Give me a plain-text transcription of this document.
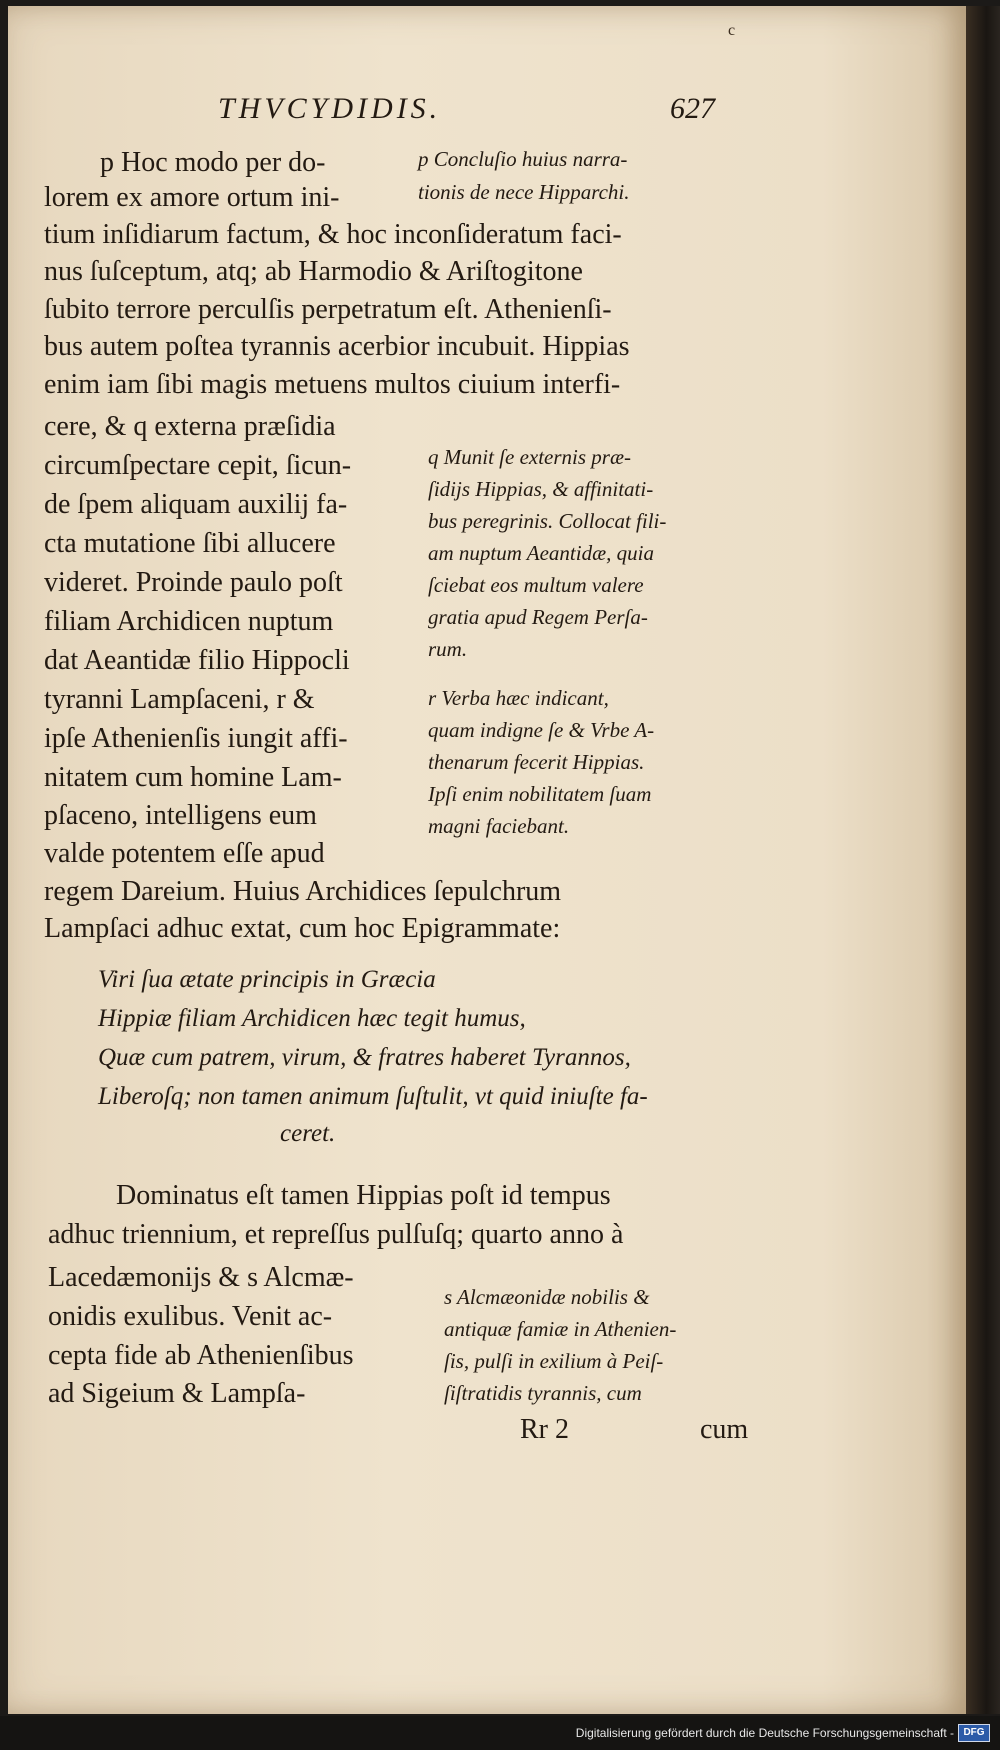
c
THVCYDIDIS.	627
p Hoc modo per do-
lorem ex amore ortum ini-
tium inſidiarum factum, & hoc inconſideratum faci-
nus ſuſceptum, atq; ab Harmodio & Ariſtogitone
ſubito terrore perculſis perpetratum eſt. Athenienſi-
bus autem poſtea tyrannis acerbior incubuit. Hippias
enim iam ſibi magis metuens multos ciuium interfi-
cere, & q externa præſidia
circumſpectare cepit, ſicun-
de ſpem aliquam auxilij fa-
cta mutatione ſibi allucere
videret. Proinde paulo poſt
filiam Archidicen nuptum
dat Aeantidæ filio Hippocli
tyranni Lampſaceni, r &
ipſe Athenienſis iungit affi-
nitatem cum homine Lam-
pſaceno, intelligens eum
valde potentem eſſe apud
regem Dareium. Huius Archidices ſepulchrum
Lampſaci adhuc extat, cum hoc Epigrammate:
Viri ſua ætate principis in Græcia
Hippiæ filiam Archidicen hæc tegit humus,
Quæ cum patrem, virum, & fratres haberet Tyrannos,
Liberoſq; non tamen animum ſuſtulit, vt quid iniuſte fa-
ceret.
Dominatus eſt tamen Hippias poſt id tempus
adhuc triennium, et repreſſus pulſuſq; quarto anno à
Lacedæmonijs & s Alcmæ-
onidis exulibus. Venit ac-
cepta fide ab Athenienſibus
ad Sigeium & Lampſa-
p Concluſio huius narra-
tionis de nece Hipparchi.
q Munit ſe externis præ-
ſidijs Hippias, & affinitati-
bus peregrinis. Collocat fili-
am nuptum Aeantidæ, quia
ſciebat eos multum valere
gratia apud Regem Perſa-
rum.
r Verba hæc indicant,
quam indigne ſe & Vrbe A-
thenarum fecerit Hippias.
Ipſi enim nobilitatem ſuam
magni faciebant.
s Alcmæonidæ nobilis &
antiquæ famiæ in Athenien-
ſis, pulſi in exilium à Peiſ-
ſiſtratidis tyrannis, cum
Rr 2	cum
Digitalisierung gefördert durch die Deutsche Forschungsgemeinschaft - DFG
